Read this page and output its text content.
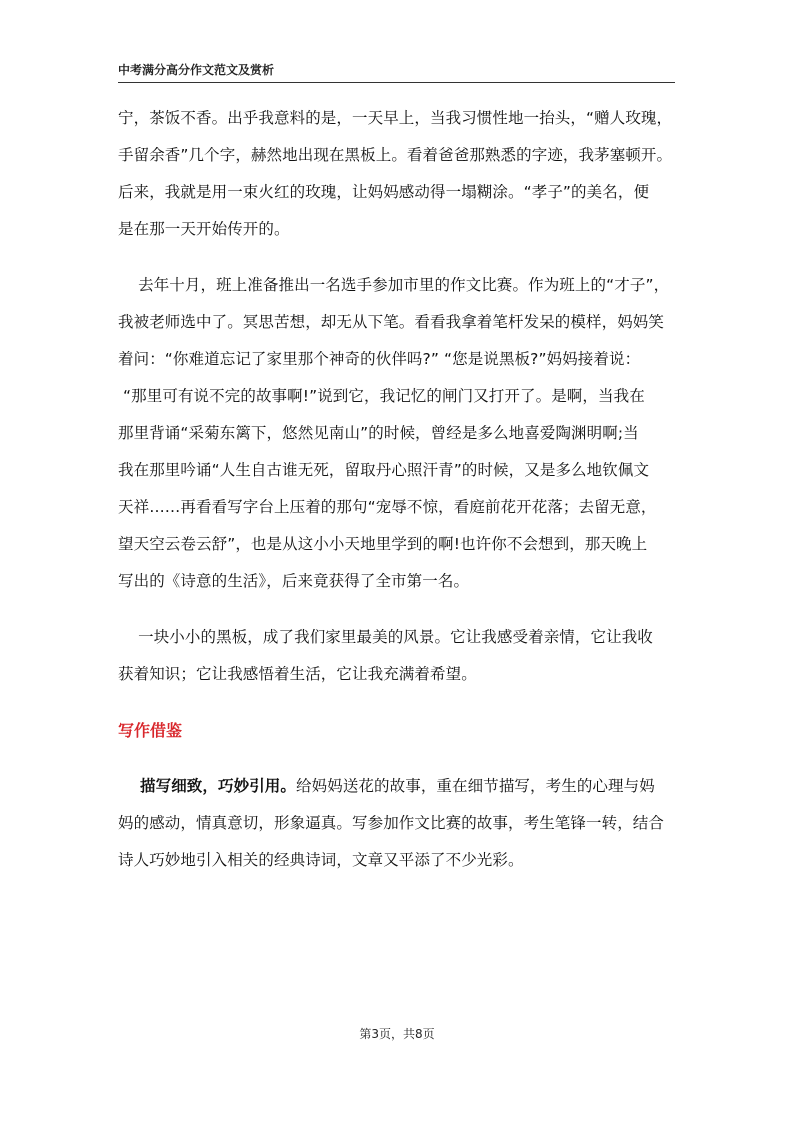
中考满分高分作文范文及赏析
宁，茶饭不香。出乎我意料的是，一天早上，当我习惯性地一抬头，“赠人玫瑰，
手留余香”几个字，赫然地出现在黑板上。看着爸爸那熟悉的字迹，我茅塞顿开。
后来，我就是用一束火红的玫瑰，让妈妈感动得一塌糊涂。“孝子”的美名，便
是在那一天开始传开的。
去年十月，班上准备推出一名选手参加市里的作文比赛。作为班上的“才子”，
我被老师选中了。冥思苦想，却无从下笔。看看我拿着笔杆发呆的模样，妈妈笑
着问：“你难道忘记了家里那个神奇的伙伴吗?” “您是说黑板?”妈妈接着说：
“那里可有说不完的故事啊!”说到它，我记忆的闸门又打开了。是啊，当我在
那里背诵“采菊东篱下，悠然见南山”的时候，曾经是多么地喜爱陶渊明啊;当
我在那里吟诵“人生自古谁无死，留取丹心照汗青”的时候，又是多么地钦佩文
天祥……再看看写字台上压着的那句“宠辱不惊，看庭前花开花落；去留无意，
望天空云卷云舒”，也是从这小小天地里学到的啊!也许你不会想到，那天晚上
写出的《诗意的生活》，后来竟获得了全市第一名。
一块小小的黑板，成了我们家里最美的风景。它让我感受着亲情，它让我收
获着知识；它让我感悟着生活，它让我充满着希望。
写作借鉴
描写细致，巧妙引用。给妈妈送花的故事，重在细节描写，考生的心理与妈
妈的感动，情真意切，形象逼真。写参加作文比赛的故事，考生笔锋一转，结合
诗人巧妙地引入相关的经典诗词，文章又平添了不少光彩。
第3页，共8页
